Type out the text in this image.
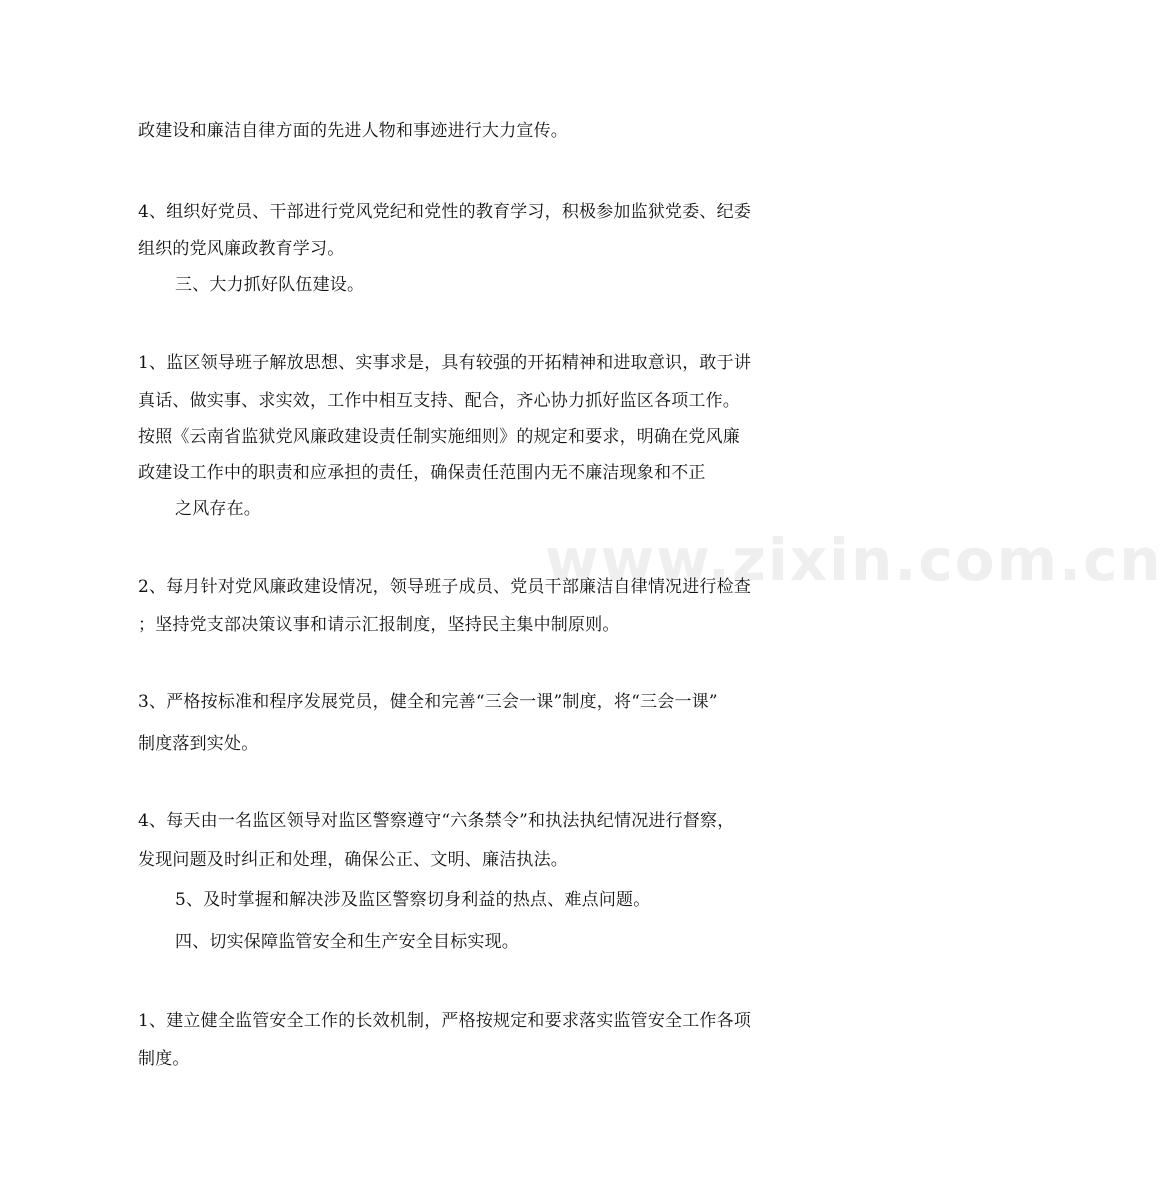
www.zixin.com.cn
政建设和廉洁自律方面的先进人物和事迹进行大力宣传。
4、组织好党员、干部进行党风党纪和党性的教育学习，积极参加监狱党委、纪委
组织的党风廉政教育学习。
三、大力抓好队伍建设。
1、监区领导班子解放思想、实事求是，具有较强的开拓精神和进取意识，敢于讲
真话、做实事、求实效，工作中相互支持、配合，齐心协力抓好监区各项工作。
按照《云南省监狱党风廉政建设责任制实施细则》的规定和要求，明确在党风廉
政建设工作中的职责和应承担的责任，确保责任范围内无不廉洁现象和不正
之风存在。
2、每月针对党风廉政建设情况，领导班子成员、党员干部廉洁自律情况进行检查
；坚持党支部决策议事和请示汇报制度，坚持民主集中制原则。
3、严格按标准和程序发展党员，健全和完善“三会一课”制度，将“三会一课”
制度落到实处。
4、每天由一名监区领导对监区警察遵守“六条禁令”和执法执纪情况进行督察，
发现问题及时纠正和处理，确保公正、文明、廉洁执法。
5、及时掌握和解决涉及监区警察切身利益的热点、难点问题。
四、切实保障监管安全和生产安全目标实现。
1、建立健全监管安全工作的长效机制，严格按规定和要求落实监管安全工作各项
制度。
